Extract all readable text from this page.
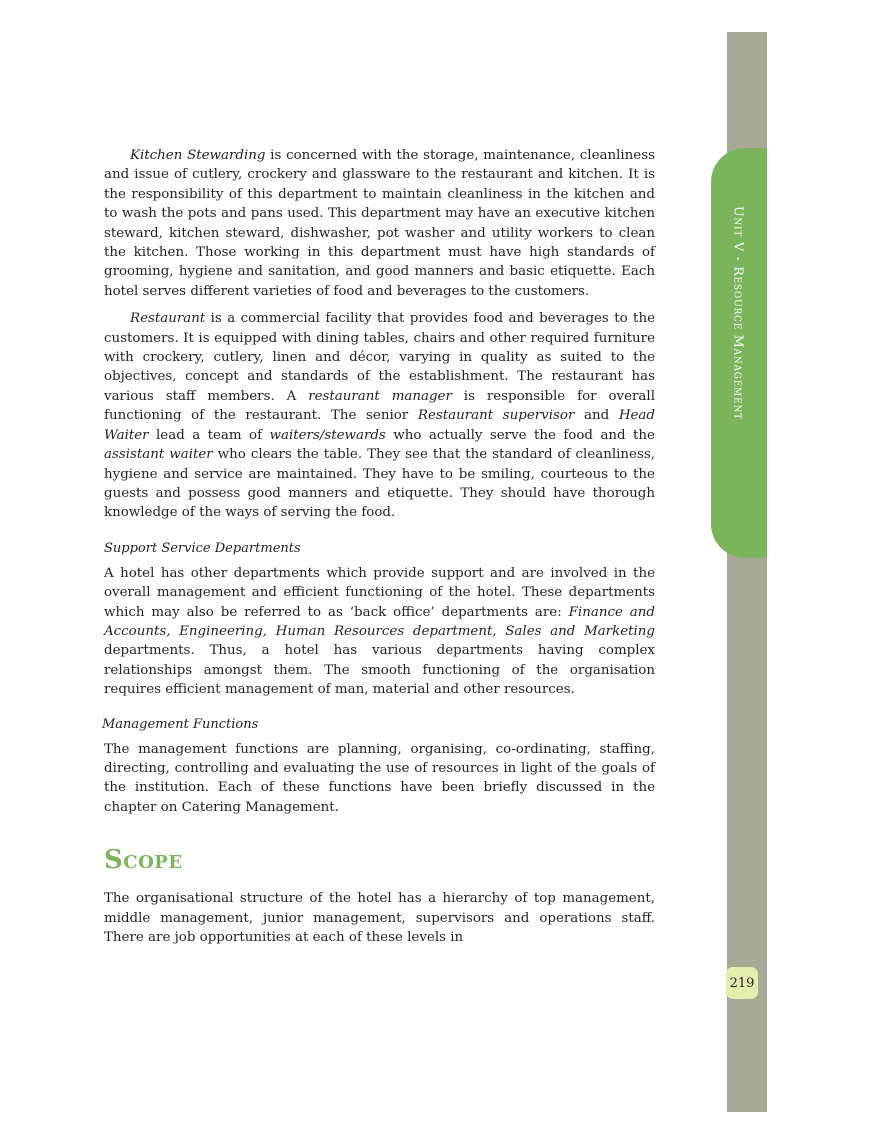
Unit V - Resource Management
219

Kitchen Stewarding is concerned with the storage, maintenance, cleanliness and issue of cutlery, crockery and glassware to the restaurant and kitchen. It is the responsibility of this department to maintain cleanliness in the kitchen and to wash the pots and pans used. This department may have an executive kitchen steward, kitchen steward, dishwasher, pot washer and utility workers to clean the kitchen. Those working in this department must have high standards of grooming, hygiene and sanitation, and good manners and basic etiquette. Each hotel serves different varieties of food and beverages to the customers.

Restaurant is a commercial facility that provides food and beverages to the customers. It is equipped with dining tables, chairs and other required furniture with crockery, cutlery, linen and décor, varying in quality as suited to the objectives, concept and standards of the establishment. The restaurant has various staff members. A restaurant manager is responsible for overall functioning of the restaurant. The senior Restaurant supervisor and Head Waiter lead a team of waiters/stewards who actually serve the food and the assistant waiter who clears the table. They see that the standard of cleanliness, hygiene and service are maintained. They have to be smiling, courteous to the guests and possess good manners and etiquette. They should have thorough knowledge of the ways of serving the food.

Support Service Departments

A hotel has other departments which provide support and are involved in the overall management and efficient functioning of the hotel. These departments which may also be referred to as ‘back office’ departments are: Finance and Accounts, Engineering, Human Resources department, Sales and Marketing departments. Thus, a hotel has various departments having complex relationships amongst them. The smooth functioning of the organisation requires efficient management of man, material and other resources.

Management Functions

The management functions are planning, organising, co-ordinating, staffing, directing, controlling and evaluating the use of resources in light of the goals of the institution. Each of these functions have been briefly discussed in the chapter on Catering Management.

Scope

The organisational structure of the hotel has a hierarchy of top management, middle management, junior management, supervisors and operations staff. There are job opportunities at each of these levels in
